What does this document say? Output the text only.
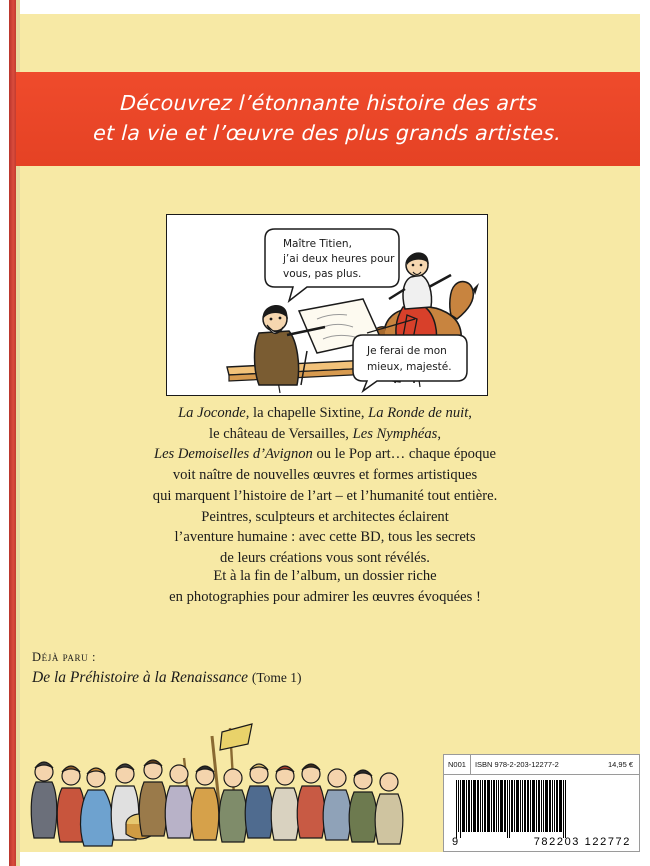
Découvrez l’étonnante histoire des arts
et la vie et l’œuvre des plus grands artistes.
Maître Titien,
j’ai deux heures pour
vous, pas plus.
Je ferai de mon
mieux, majesté.
La Joconde, la chapelle Sixtine, La Ronde de nuit,
le château de Versailles, Les Nymphéas,
Les Demoiselles d’Avignon ou le Pop art… chaque époque
voit naître de nouvelles œuvres et formes artistiques
qui marquent l’histoire de l’art – et l’humanité tout entière.
Peintres, sculpteurs et architectes éclairent
l’aventure humaine : avec cette BD, tous les secrets
de leurs créations vous sont révélés.
Et à la fin de l’album, un dossier riche
en photographies pour admirer les œuvres évoquées !
Déjà paru :
De la Préhistoire à la Renaissance (Tome 1)
N001	ISBN 978-2-203-12277-2	14,95 €
9	782203 122772
